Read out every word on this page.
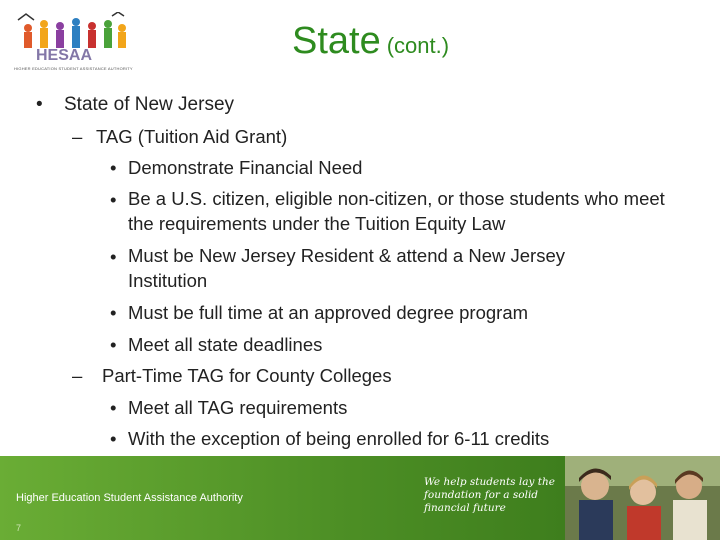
HESAA
HIGHER EDUCATION STUDENT ASSISTANCE AUTHORITY
State (cont.)
• State of New Jersey
– TAG (Tuition Aid Grant)
• Demonstrate Financial Need
• Be a U.S. citizen, eligible non-citizen, or those students who meet the requirements under the Tuition Equity Law
• Must be New Jersey Resident & attend a New Jersey Institution
• Must be full time at an approved degree program
• Meet all state deadlines
– Part-Time TAG for County Colleges
• Meet all TAG requirements
• With the exception of being enrolled for 6-11 credits
Higher Education Student Assistance Authority
7
We help students lay the foundation for a solid financial future
